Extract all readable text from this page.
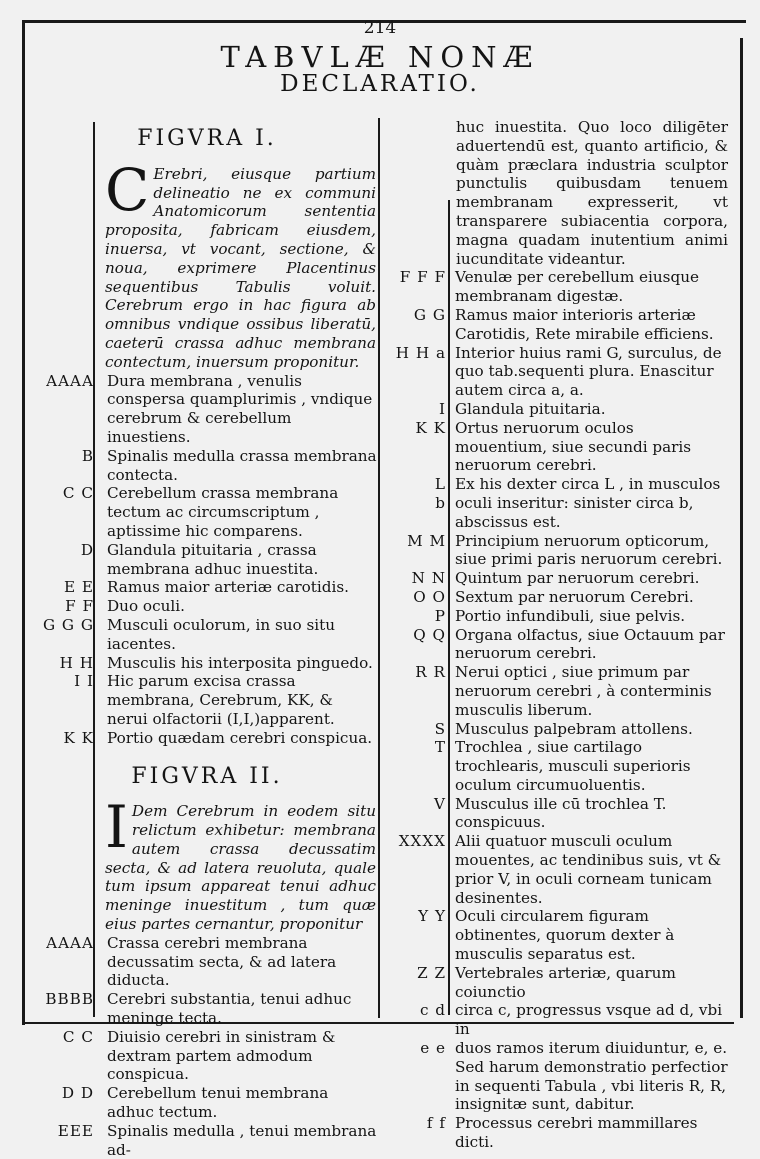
214
TABVLÆ NONÆ
DECLARATIO.
FIGVRA I.
C Erebri, eiusque partium delineatio ne ex communi Anatomicorum sententia proposita, fabricam eiusdem, inuersa, vt vocant, sectione, & noua, exprimere Placentinus sequentibus Tabulis voluit. Cerebrum ergo in hac figura ab omnibus vndique ossibus liberatū, caeterū crassa adhuc membrana contectum, inuersum proponitur.
AAAA Dura membrana , venulis conspersa quamplurimis , vndique cerebrum & cerebellum inuestiens.
B Spinalis medulla crassa membrana contecta.
C C Cerebellum crassa membrana tectum ac circumscriptum , aptissime hic comparens.
D Glandula pituitaria , crassa membrana adhuc inuestita.
E E Ramus maior arteriæ carotidis.
F F Duo oculi.
G G G Musculi oculorum, in suo situ iacentes.
H H Musculis his interposita pinguedo.
I I Hic parum excisa crassa membrana, Cerebrum, KK, & nerui olfactorii (I,I,)apparent.
K K Portio quædam cerebri conspicua.
FIGVRA II.
I Dem Cerebrum in eodem situ relictum exhibetur: membrana autem crassa decussatim secta, & ad latera reuoluta, quale tum ipsum appareat tenui adhuc meninge inuestitum , tum quæ eius partes cernantur, proponitur
AAAA Crassa cerebri membrana decussatim secta, & ad latera diducta.
BBBB Cerebri substantia, tenui adhuc meninge tecta.
C C Diuisio cerebri in sinistram & dextram partem admodum conspicua.
D D Cerebellum tenui membrana adhuc tectum.
EEE Spinalis medulla , tenui membrana ad-
huc inuestita. Quo loco diligēter aduertendū est, quanto artificio, & quàm præclara industria sculptor punctulis quibusdam tenuem membranam expresserit, vt transparere subiacentia corpora, magna quadam inutentium animi iucunditate videantur.
F F F Venulæ per cerebellum eiusque membranam digestæ.
G G Ramus maior interioris arteriæ Carotidis, Rete mirabile efficiens.
H H a Interior huius rami G, surculus, de quo tab.sequenti plura. Enascitur autem circa a, a.
I Glandula pituitaria.
K K Ortus neruorum oculos mouentium, siue secundi paris neruorum cerebri.
L Ex his dexter circa L , in musculos
b oculi inseritur: sinister circa b, abscissus est.
M M Principium neruorum opticorum, siue primi paris neruorum cerebri.
N N Quintum par neruorum cerebri.
O O Sextum par neruorum Cerebri.
P Portio infundibuli, siue pelvis.
Q Q Organa olfactus, siue Octauum par neruorum cerebri.
R R Nerui optici , siue primum par neruorum cerebri , à conterminis musculis liberum.
S Musculus palpebram attollens.
T Trochlea , siue cartilago trochlearis, musculi superioris oculum circumuoluentis.
V Musculus ille cū trochlea T. conspicuus.
XXXX Alii quatuor musculi oculum mouentes, ac tendinibus suis, vt & prior V, in oculi corneam tunicam desinentes.
Y Y Oculi circularem figuram obtinentes, quorum dexter à musculis separatus est.
Z Z Vertebrales arteriæ, quarum coiunctio
c d circa c, progressus vsque ad d, vbi in
e e duos ramos iterum diuiduntur, e, e. Sed harum demonstratio perfectior in sequenti Tabula , vbi literis R, R, insignitæ sunt, dabitur.
f f Processus cerebri mammillares dicti.
